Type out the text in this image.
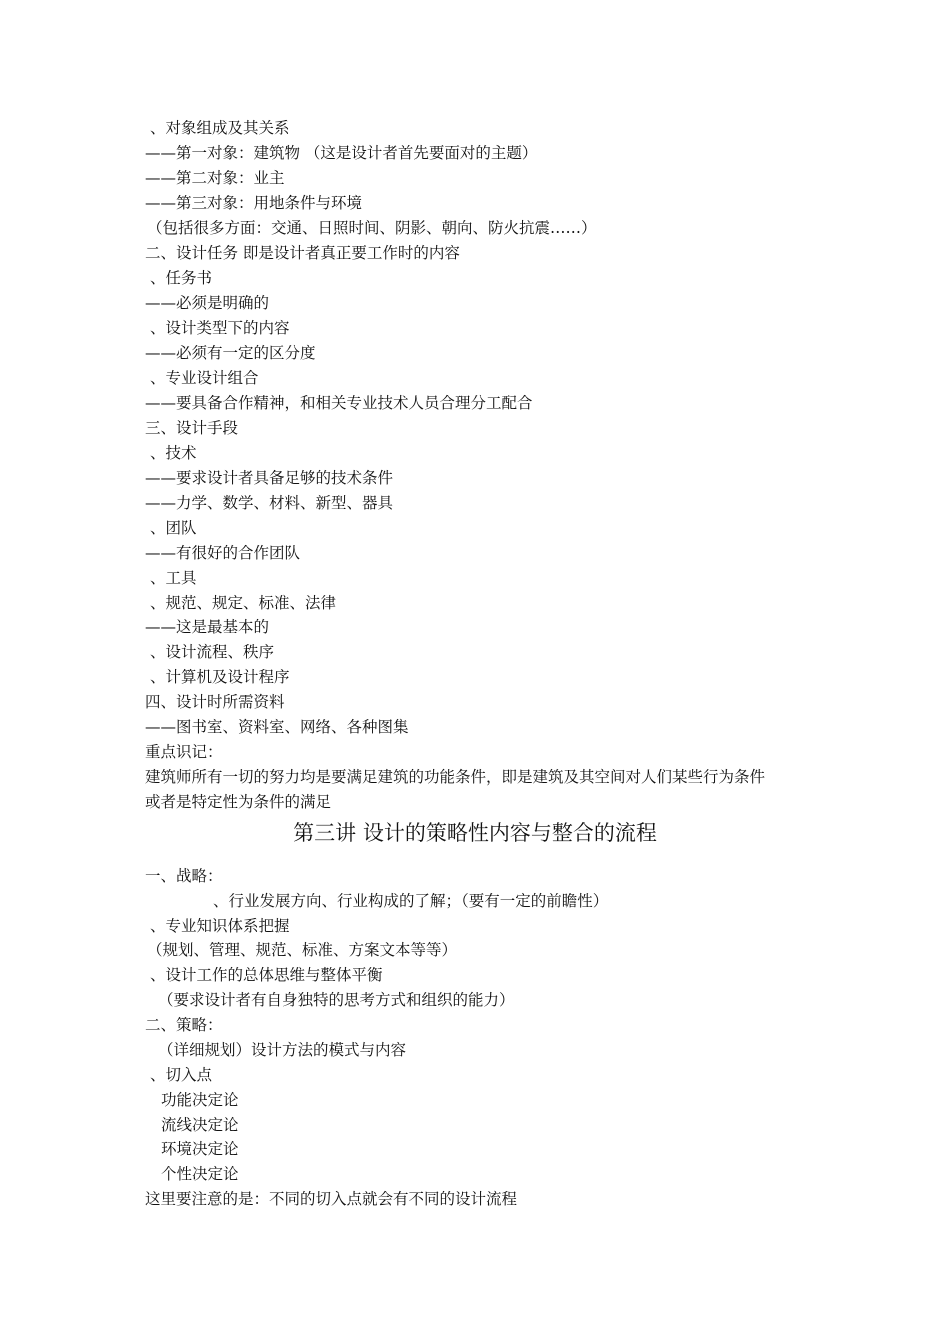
、对象组成及其关系
——第一对象：建筑物 （这是设计者首先要面对的主题）
——第二对象：业主
——第三对象：用地条件与环境
（包括很多方面：交通、日照时间、阴影、朝向、防火抗震……）
二、设计任务 即是设计者真正要工作时的内容
、任务书
——必须是明确的
、设计类型下的内容
——必须有一定的区分度
、专业设计组合
——要具备合作精神，和相关专业技术人员合理分工配合
三、设计手段
、技术
——要求设计者具备足够的技术条件
——力学、数学、材料、新型、器具
、团队
——有很好的合作团队
、工具
、规范、规定、标准、法律
——这是最基本的
、设计流程、秩序
、计算机及设计程序
四、设计时所需资料
——图书室、资料室、网络、各种图集
重点识记：
建筑师所有一切的努力均是要满足建筑的功能条件，即是建筑及其空间对人们某些行为条件
或者是特定性为条件的满足
第三讲 设计的策略性内容与整合的流程
一、战略：
、行业发展方向、行业构成的了解；（要有一定的前瞻性）
、专业知识体系把握
（规划、管理、规范、标准、方案文本等等）
、设计工作的总体思维与整体平衡
（要求设计者有自身独特的思考方式和组织的能力）
二、策略：
（详细规划）设计方法的模式与内容
、切入点
功能决定论
流线决定论
环境决定论
个性决定论
这里要注意的是：不同的切入点就会有不同的设计流程
